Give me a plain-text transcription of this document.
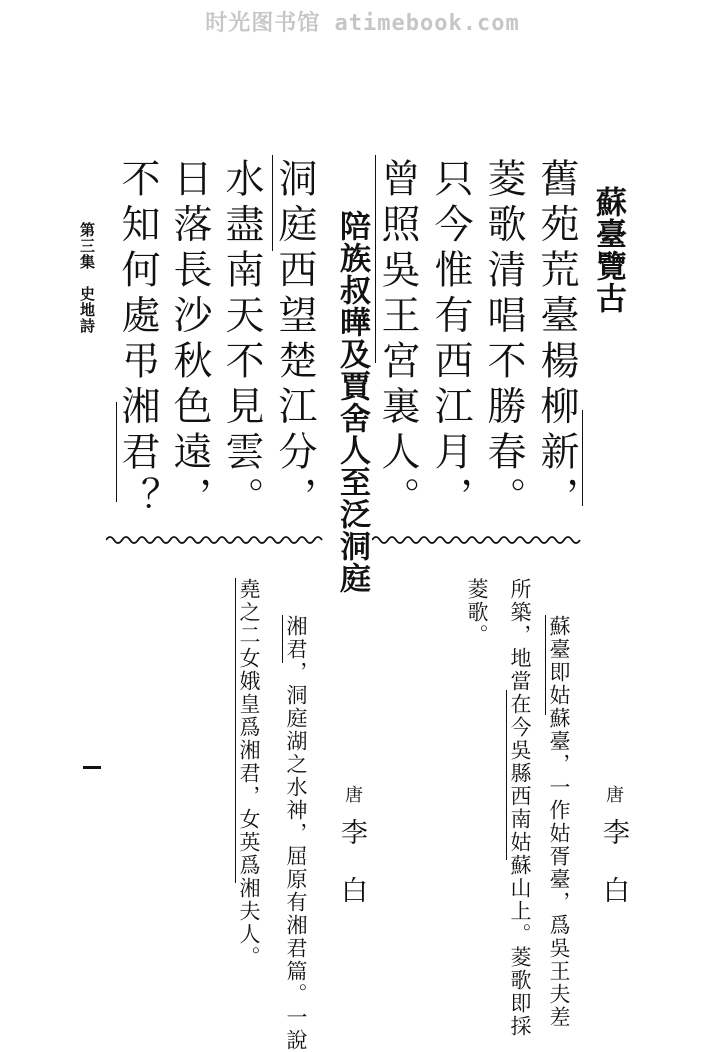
时光图书馆 atimebook.com
蘇臺覽古
舊苑荒臺楊柳新，
菱歌清唱不勝春。
只今惟有西江月，
曾照吳王宮裏人。
陪族叔曄及賈舍人至泛洞庭
洞庭西望楚江分，
水盡南天不見雲。
日落長沙秋色遠，
不知何處弔湘君？
第三集　史地詩
唐
李 白
蘇臺即姑蘇臺，一作姑胥臺，爲吳王夫差
所築，地當在今吳縣西南姑蘇山上。菱歌即採
菱歌。
唐
李 白
湘君，洞庭湖之水神，屈原有湘君篇。一說
堯之二女娥皇爲湘君，女英爲湘夫人。
